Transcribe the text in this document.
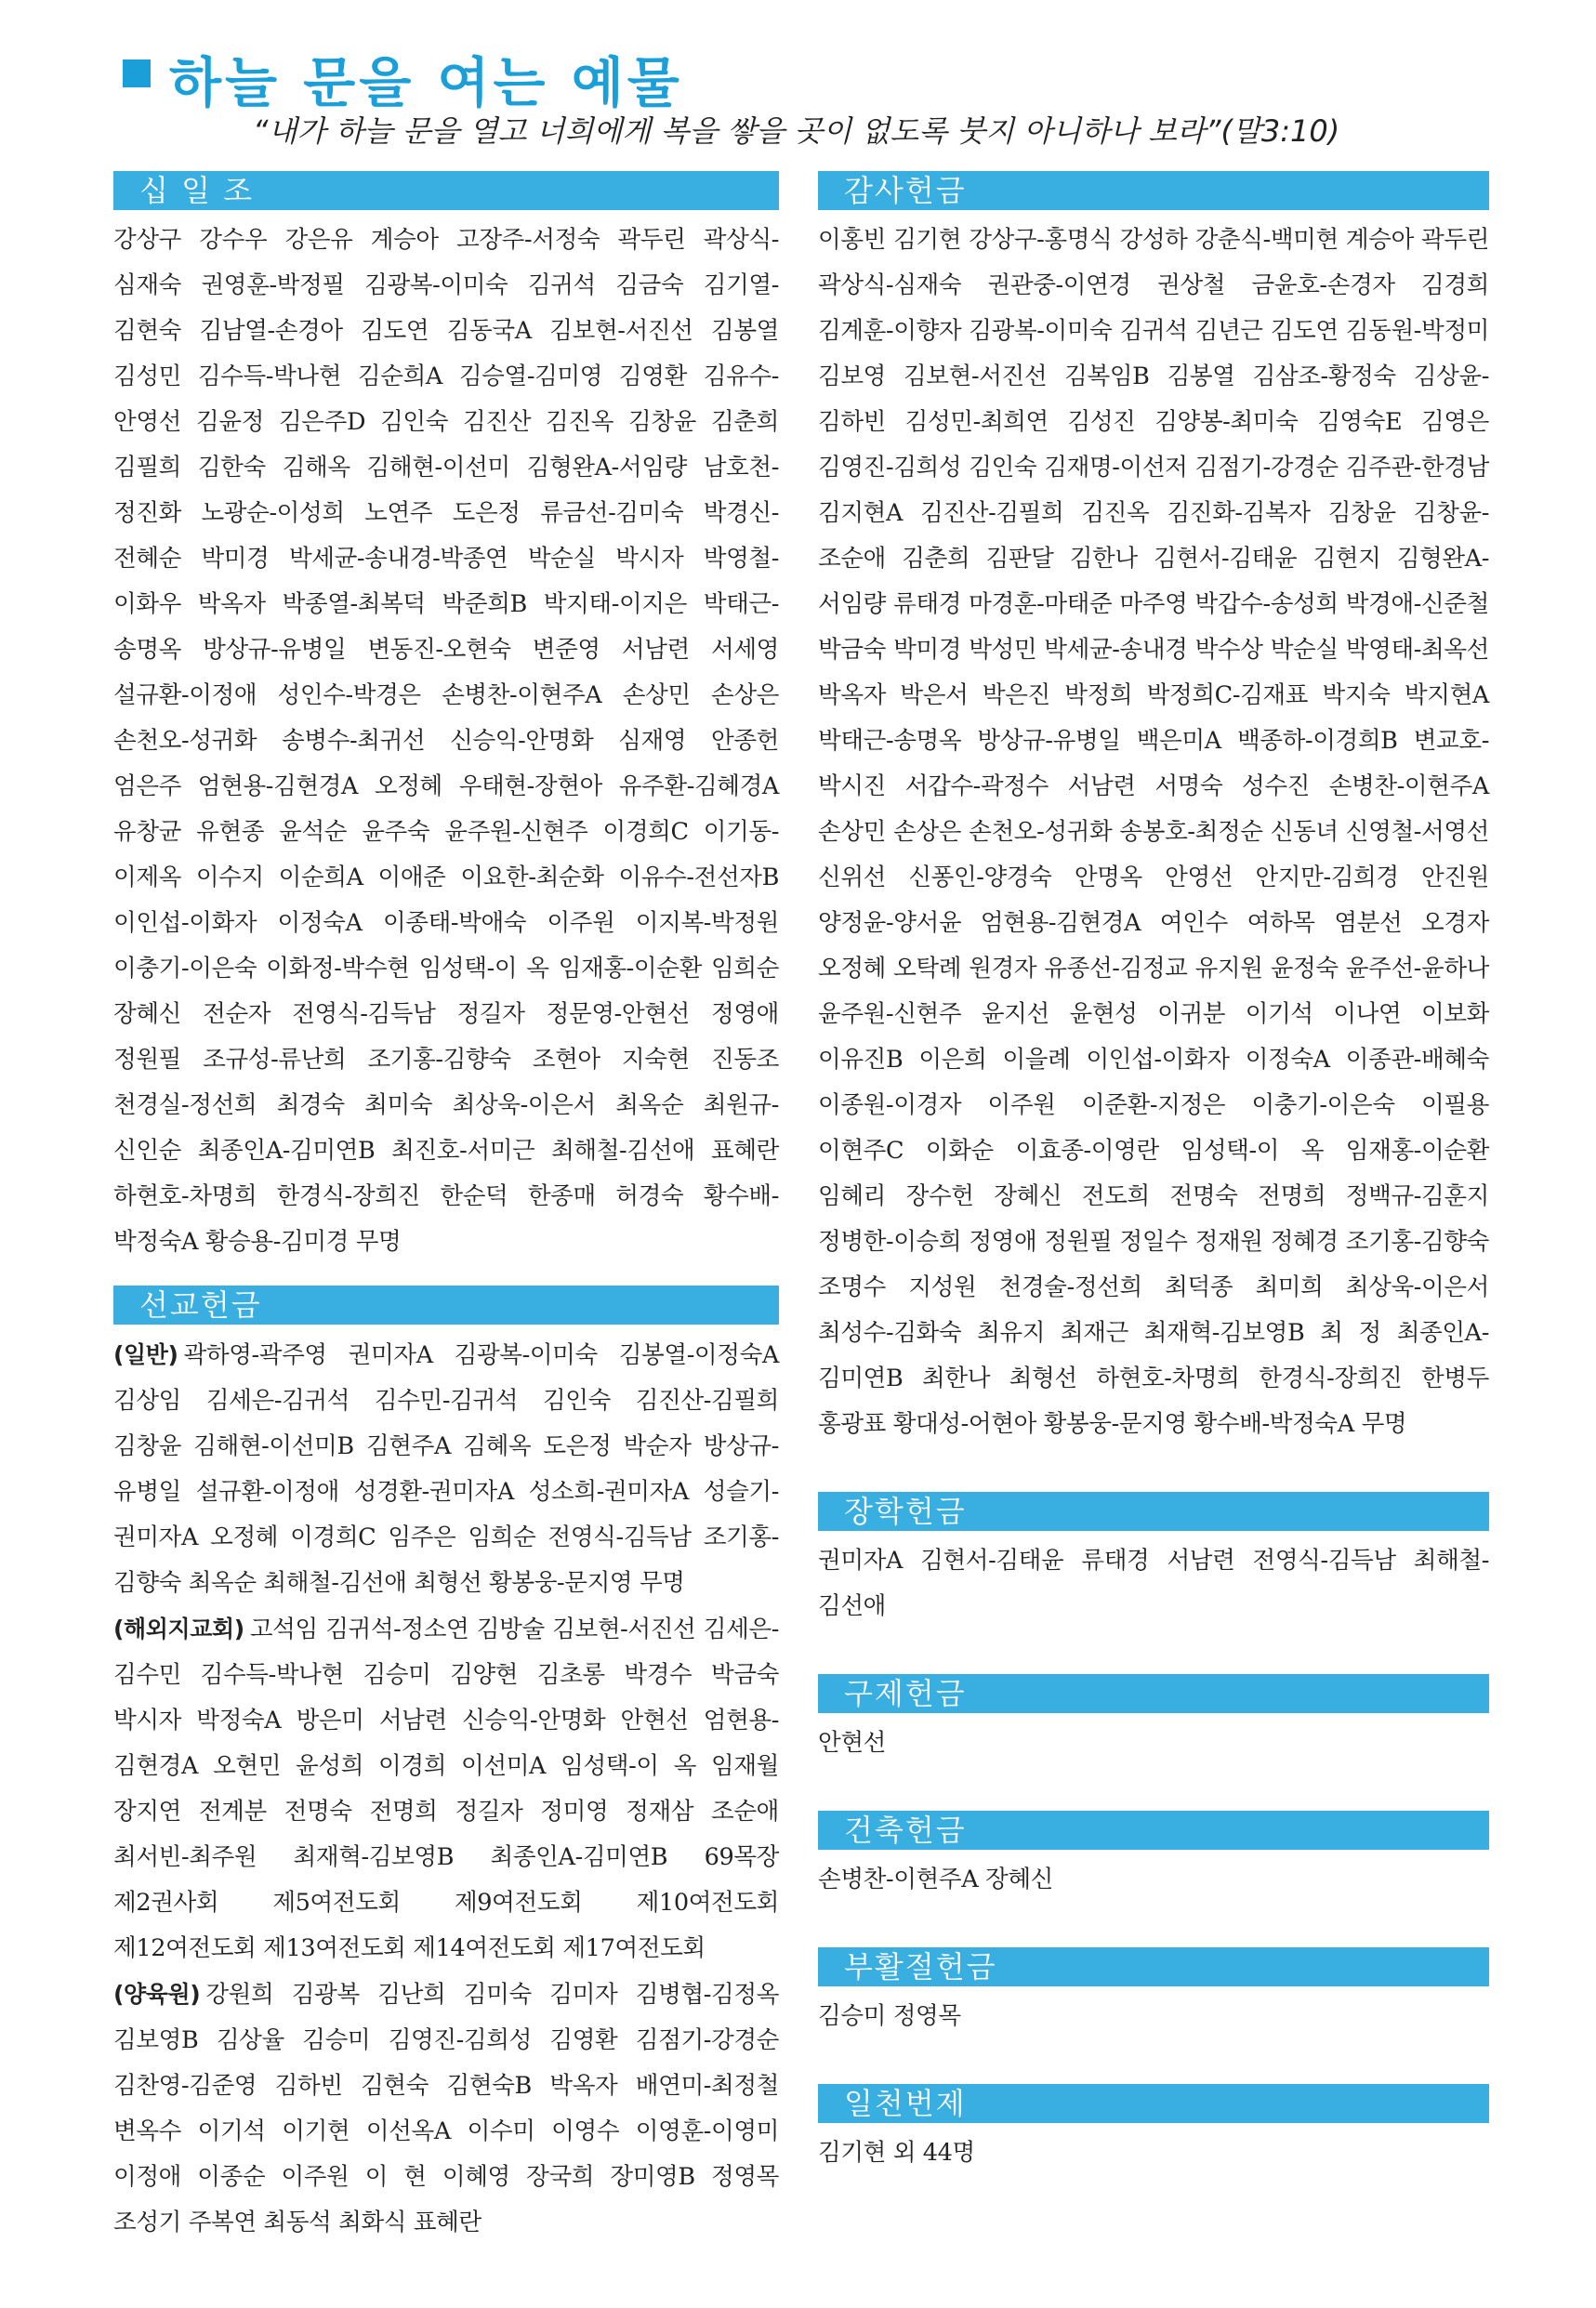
하늘 문을 여는 예물
“내가 하늘 문을 열고 너희에게 복을 쌓을 곳이 없도록 붓지 아니하나 보라”(말3:10)
십 일 조
강상구 강수우 강은유 계승아 고장주-서정숙 곽두린 곽상식-심재숙 권영훈-박정필 김광복-이미숙 김귀석 김금숙 김기열-김현숙 김남열-손경아 김도연 김동국A 김보현-서진선 김봉열 김성민 김수득-박나현 김순희A 김승열-김미영 김영환 김유수-안영선 김윤정 김은주D 김인숙 김진산 김진옥 김창윤 김춘희 김필희 김한숙 김해옥 김해현-이선미 김형완A-서임량 남호천-정진화 노광순-이성희 노연주 도은정 류금선-김미숙 박경신-전혜순 박미경 박세균-송내경-박종연 박순실 박시자 박영철-이화우 박옥자 박종열-최복덕 박준희B 박지태-이지은 박태근-송명옥 방상규-유병일 변동진-오현숙 변준영 서남련 서세영 설규환-이정애 성인수-박경은 손병찬-이현주A 손상민 손상은 손천오-성귀화 송병수-최귀선 신승익-안명화 심재영 안종헌 엄은주 엄현용-김현경A 오정혜 우태현-장현아 유주환-김혜경A 유창균 유현종 윤석순 윤주숙 윤주원-신현주 이경희C 이기동-이제옥 이수지 이순희A 이애준 이요한-최순화 이유수-전선자B 이인섭-이화자 이정숙A 이종태-박애숙 이주원 이지복-박정원 이충기-이은숙 이화정-박수현 임성택-이 옥 임재홍-이순환 임희순 장혜신 전순자 전영식-김득남 정길자 정문영-안현선 정영애 정원필 조규성-류난희 조기홍-김향숙 조현아 지숙현 진동조 천경실-정선희 최경숙 최미숙 최상욱-이은서 최옥순 최원규-신인순 최종인A-김미연B 최진호-서미근 최해철-김선애 표혜란 하현호-차명희 한경식-장희진 한순덕 한종매 허경숙 황수배-박정숙A 황승용-김미경 무명
선교헌금
(일반) 곽하영-곽주영 권미자A 김광복-이미숙 김봉열-이정숙A 김상임 김세은-김귀석 김수민-김귀석 김인숙 김진산-김필희 김창윤 김해현-이선미B 김현주A 김혜옥 도은정 박순자 방상규-유병일 설규환-이정애 성경환-권미자A 성소희-권미자A 성슬기-권미자A 오정혜 이경희C 임주은 임희순 전영식-김득남 조기홍-김향숙 최옥순 최해철-김선애 최형선 황봉웅-문지영 무명
(해외지교회) 고석임 김귀석-정소연 김방술 김보현-서진선 김세은-김수민 김수득-박나현 김승미 김양현 김초롱 박경수 박금숙 박시자 박정숙A 방은미 서남련 신승익-안명화 안현선 엄현용-김현경A 오현민 윤성희 이경희 이선미A 임성택-이 옥 임재월 장지연 전계분 전명숙 전명희 정길자 정미영 정재삼 조순애 최서빈-최주원 최재혁-김보영B 최종인A-김미연B 69목장 제2권사회 제5여전도회 제9여전도회 제10여전도회 제12여전도회 제13여전도회 제14여전도회 제17여전도회
(양육원) 강원희 김광복 김난희 김미숙 김미자 김병협-김정옥 김보영B 김상율 김승미 김영진-김희성 김영환 김점기-강경순 김찬영-김준영 김하빈 김현숙 김현숙B 박옥자 배연미-최정철 변옥수 이기석 이기현 이선옥A 이수미 이영수 이영훈-이영미 이정애 이종순 이주원 이 현 이혜영 장국희 장미영B 정영목 조성기 주복연 최동석 최화식 표혜란
감사헌금
이홍빈 김기현 강상구-홍명식 강성하 강춘식-백미현 계승아 곽두린 곽상식-심재숙 권관중-이연경 권상철 금윤호-손경자 김경희 김계훈-이향자 김광복-이미숙 김귀석 김년근 김도연 김동원-박정미 김보영 김보현-서진선 김복임B 김봉열 김삼조-황정숙 김상윤-김하빈 김성민-최희연 김성진 김양봉-최미숙 김영숙E 김영은 김영진-김희성 김인숙 김재명-이선저 김점기-강경순 김주관-한경남 김지현A 김진산-김필희 김진옥 김진화-김복자 김창윤 김창윤-조순애 김춘희 김판달 김한나 김현서-김태윤 김현지 김형완A-서임량 류태경 마경훈-마태준 마주영 박갑수-송성희 박경애-신준철 박금숙 박미경 박성민 박세균-송내경 박수상 박순실 박영태-최옥선 박옥자 박은서 박은진 박정희 박정희C-김재표 박지숙 박지현A 박태근-송명옥 방상규-유병일 백은미A 백종하-이경희B 변교호-박시진 서갑수-곽정수 서남련 서명숙 성수진 손병찬-이현주A 손상민 손상은 손천오-성귀화 송봉호-최정순 신동녀 신영철-서영선 신위선 신퐁인-양경숙 안명옥 안영선 안지만-김희경 안진원 양정윤-양서윤 엄현용-김현경A 여인수 여하목 염분선 오경자 오정혜 오탁례 원경자 유종선-김정교 유지원 윤정숙 윤주선-윤하나 윤주원-신현주 윤지선 윤현성 이귀분 이기석 이나연 이보화 이유진B 이은희 이을례 이인섭-이화자 이정숙A 이종관-배혜숙 이종원-이경자 이주원 이준환-지정은 이충기-이은숙 이필용 이현주C 이화순 이효종-이영란 임성택-이 옥 임재홍-이순환 임혜리 장수헌 장혜신 전도희 전명숙 전명희 정백규-김훈지 정병한-이승희 정영애 정원필 정일수 정재원 정혜경 조기홍-김향숙 조명수 지성원 천경술-정선희 최덕종 최미희 최상욱-이은서 최성수-김화숙 최유지 최재근 최재혁-김보영B 최 정 최종인A-김미연B 최한나 최형선 하현호-차명희 한경식-장희진 한병두 홍광표 황대성-어현아 황봉웅-문지영 황수배-박정숙A 무명
장학헌금
권미자A 김현서-김태윤 류태경 서남련 전영식-김득남 최해철-김선애
구제헌금
안현선
건축헌금
손병찬-이현주A 장혜신
부활절헌금
김승미 정영목
일천번제
김기현 외 44명
